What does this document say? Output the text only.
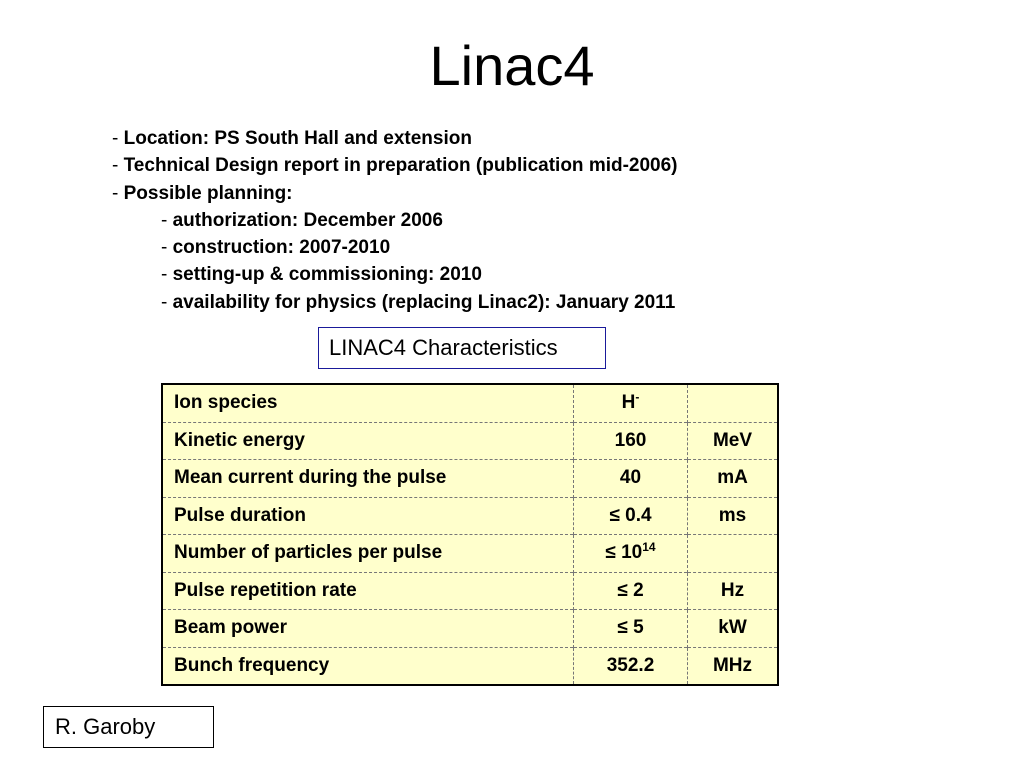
Linac4
- Location: PS South Hall and extension
- Technical Design report in preparation (publication mid-2006)
- Possible planning:
- authorization: December 2006
- construction: 2007-2010
- setting-up & commissioning: 2010
- availability for physics (replacing Linac2): January 2011
LINAC4 Characteristics
Ion species	H-	
Kinetic energy	160	MeV
Mean current during the pulse	40	mA
Pulse duration	≤ 0.4	ms
Number of particles per pulse	≤ $10^{14}$	
Pulse repetition rate	≤ 2	Hz
Beam power	≤ 5	kW
Bunch frequency	352.2	MHz
R. Garoby
